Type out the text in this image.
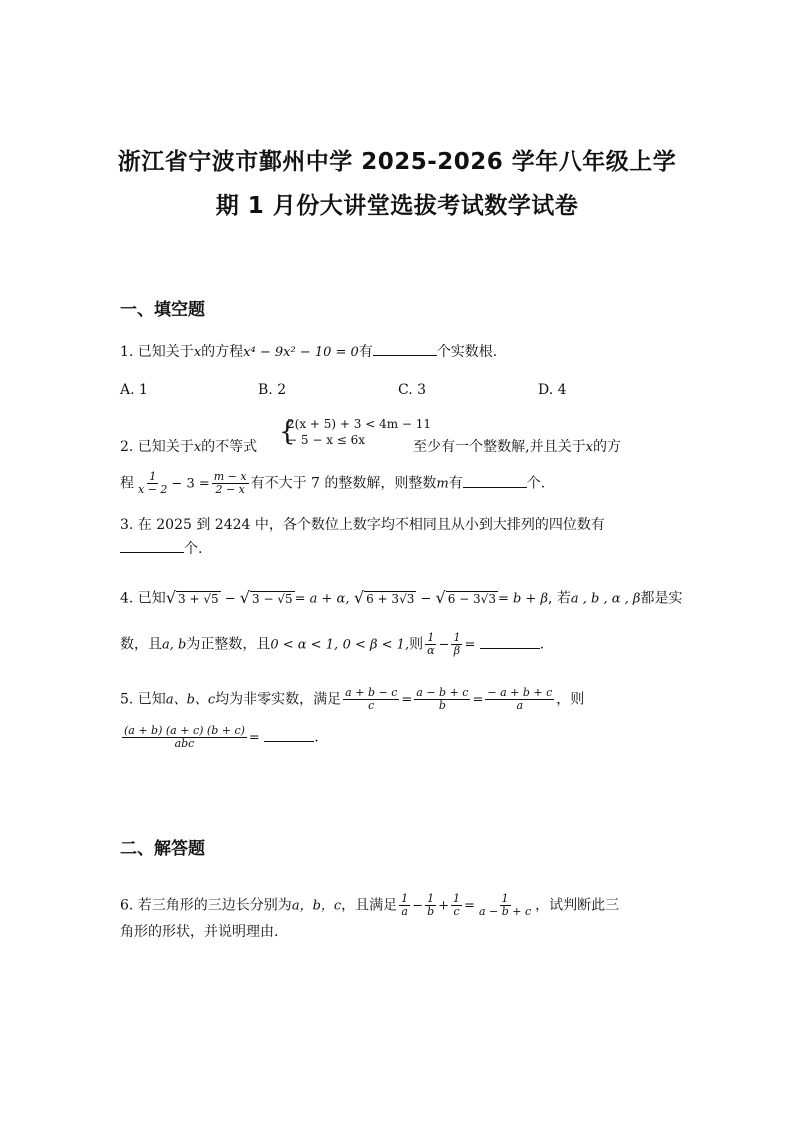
浙江省宁波市鄞州中学 2025-2026 学年八年级上学
期 1 月份大讲堂选拔考试数学试卷
一、填空题
1. 已知关于x的方程x⁴ − 9x² − 10 = 0有	个实数根.
A. 1	B. 2	C. 3	D. 4
{
2(x + 5) + 3 < 4m − 11
− 5 − x ≤ 6x
2. 已知关于x的不等式	至少有一个整数解,并且关于x的方
程 $\frac{1}{x - 2} - 3 = \frac{m - x}{2 - x}$ 有不大于 7 的整数解，则整数m有	个.
3. 在 2025 到 2424 中，各个数位上数字均不相同且从小到大排列的四位数有
个.
4. 已知√ 3 + √5 − √ 3 − √5 = a + α, √ 6 + 3√3 − √ 6 − 3√3 = b + β, 若a , b , α , β都是实
数，且a, b为正整数，且0 < α < 1, 0 < β < 1,则 $\frac{1}{\alpha} - \frac{1}{\beta}$ =	.
5. 已知a、b、c均为非零实数，满足 $\frac{a + b - c}{c} = \frac{a - b + c}{b} = \frac{- a + b + c}{a}$ ，则
$\frac{(a + b) (a + c) (b + c)}{\text{abc}}$ =	.
二、解答题
6. 若三角形的三边长分别为a，b，c，且满足 $\frac{1}{a} - \frac{1}{b} + \frac{1}{c} = \frac{1}{a - b + c}$ ，试判断此三
角形的形状，并说明理由.
